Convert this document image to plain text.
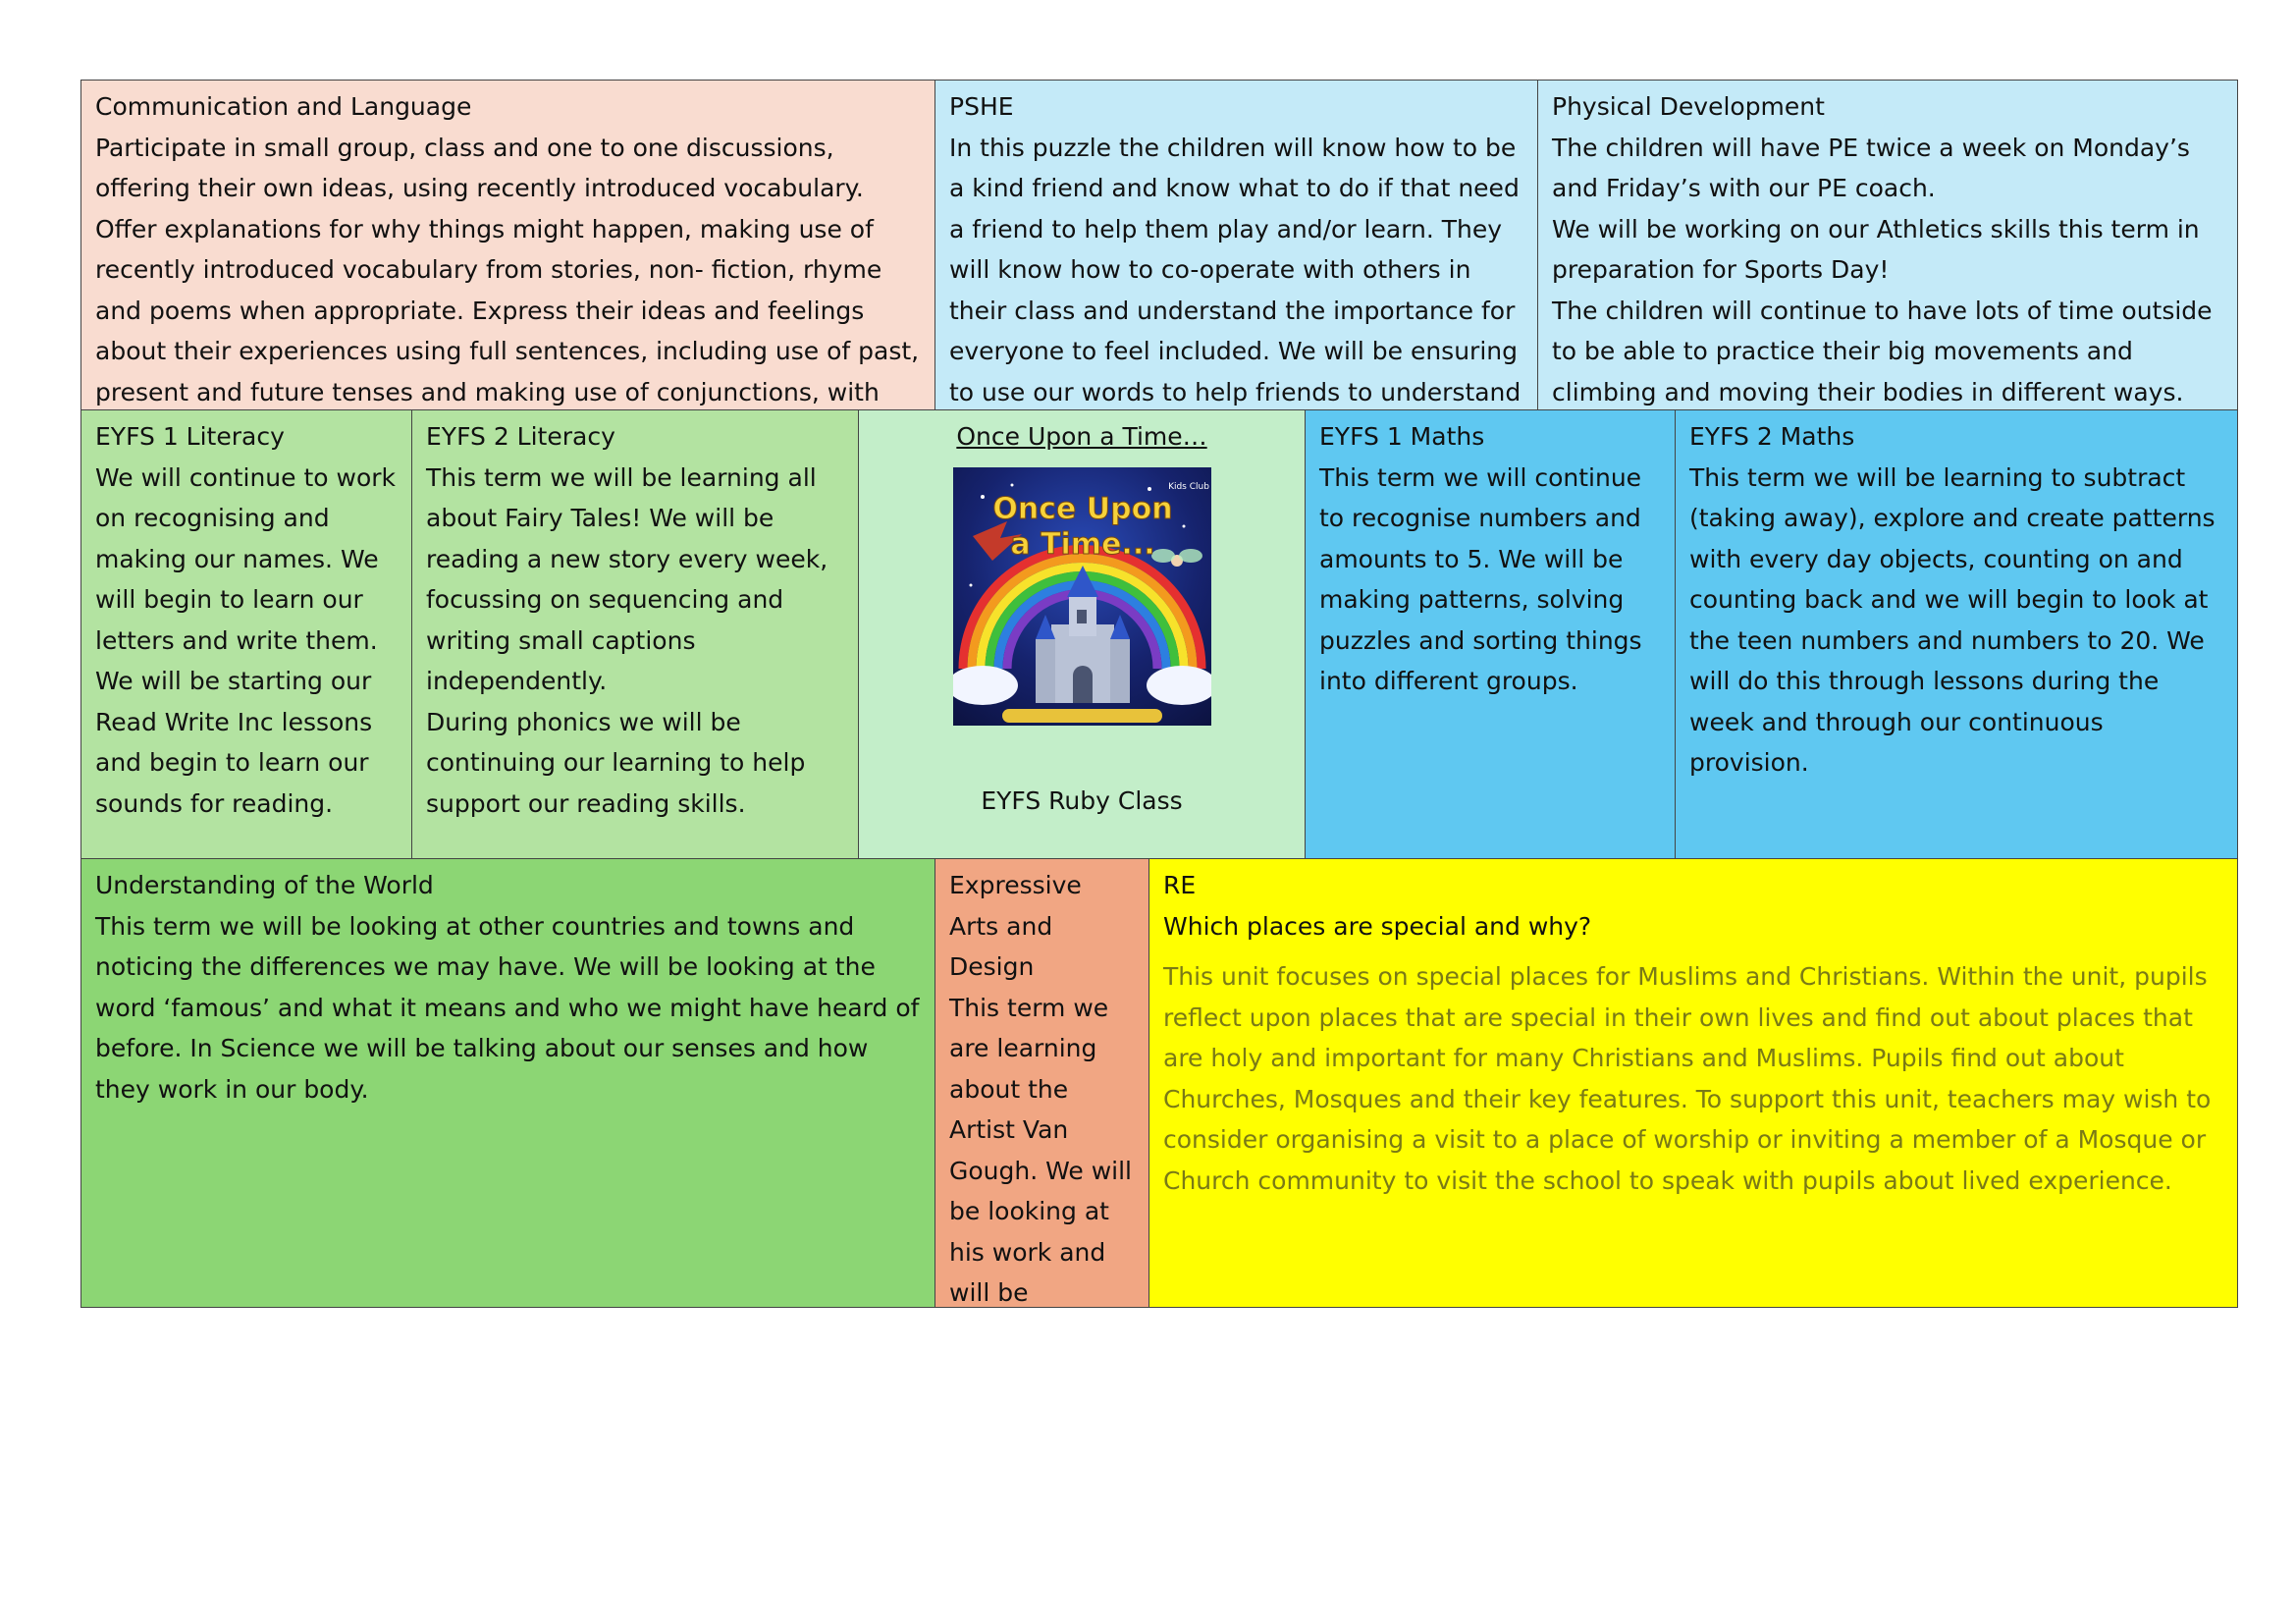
Communication and Language

Participate in small group, class and one to one discussions, offering their own ideas, using recently introduced vocabulary. Offer explanations for why things might happen, making use of recently introduced vocabulary from stories, non- fiction, rhyme and poems when appropriate. Express their ideas and feelings about their experiences using full sentences, including use of past, present and future tenses and making use of conjunctions, with

PSHE

In this puzzle the children will know how to be a kind friend and know what to do if that need a friend to help them play and/or learn. They will know how to co-operate with others in their class and understand the importance for everyone to feel included. We will be ensuring to use our words to help friends to understand

Physical Development

The children will have PE twice a week on Monday’s and Friday’s with our PE coach.

We will be working on our Athletics skills this term in preparation for Sports Day!

The children will continue to have lots of time outside to be able to practice their big movements and climbing and moving their bodies in different ways.

EYFS 1 Literacy

We will continue to work on recognising and making our names. We will begin to learn our letters and write them.

We will be starting our Read Write Inc lessons and begin to learn our sounds for reading.

EYFS 2 Literacy

This term we will be learning all about Fairy Tales! We will be reading a new story every week, focussing on sequencing and writing small captions independently.

During phonics we will be continuing our learning to help support our reading skills.

Once Upon a Time…

Once Upon
a Time...
Kids Club

EYFS Ruby Class

EYFS 1 Maths

This term we will continue to recognise numbers and amounts to 5. We will be making patterns, solving puzzles and sorting things into different groups.

EYFS 2 Maths

This term we will be learning to subtract (taking away), explore and create patterns with every day objects, counting on and counting back and we will begin to look at the teen numbers and numbers to 20. We will do this through lessons during the week and through our continuous provision.

Understanding of the World

This term we will be looking at other countries and towns and noticing the differences we may have. We will be looking at the word ‘famous’ and what it means and who we might have heard of before. In Science we will be talking about our senses and how they work in our body.

Expressive Arts and Design

This term we are learning about the Artist Van Gough. We will be looking at his work and will be

RE

Which places are special and why?

This unit focuses on special places for Muslims and Christians. Within the unit, pupils reflect upon places that are special in their own lives and find out about places that are holy and important for many Christians and Muslims. Pupils find out about Churches, Mosques and their key features. To support this unit, teachers may wish to consider organising a visit to a place of worship or inviting a member of a Mosque or Church community to visit the school to speak with pupils about lived experience.
